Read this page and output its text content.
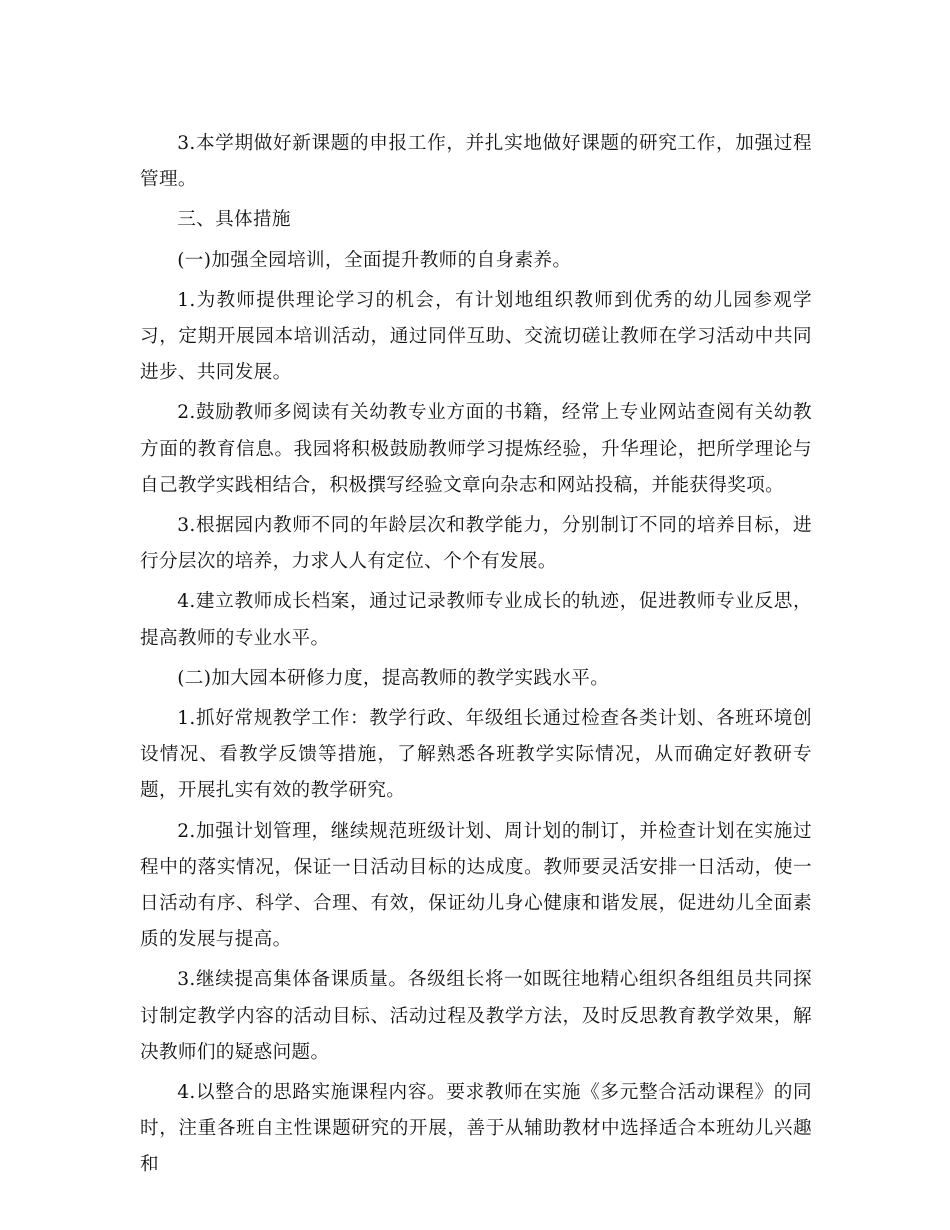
3.本学期做好新课题的申报工作，并扎实地做好课题的研究工作，加强过程管理。

三、具体措施

(一)加强全园培训，全面提升教师的自身素养。

1.为教师提供理论学习的机会，有计划地组织教师到优秀的幼儿园参观学习，定期开展园本培训活动，通过同伴互助、交流切磋让教师在学习活动中共同进步、共同发展。

2.鼓励教师多阅读有关幼教专业方面的书籍，经常上专业网站查阅有关幼教方面的教育信息。我园将积极鼓励教师学习提炼经验，升华理论，把所学理论与自己教学实践相结合，积极撰写经验文章向杂志和网站投稿，并能获得奖项。

3.根据园内教师不同的年龄层次和教学能力，分别制订不同的培养目标，进行分层次的培养，力求人人有定位、个个有发展。

4.建立教师成长档案，通过记录教师专业成长的轨迹，促进教师专业反思，提高教师的专业水平。

(二)加大园本研修力度，提高教师的教学实践水平。

1.抓好常规教学工作：教学行政、年级组长通过检查各类计划、各班环境创设情况、看教学反馈等措施，了解熟悉各班教学实际情况，从而确定好教研专题，开展扎实有效的教学研究。

2.加强计划管理，继续规范班级计划、周计划的制订，并检查计划在实施过程中的落实情况，保证一日活动目标的达成度。教师要灵活安排一日活动，使一日活动有序、科学、合理、有效，保证幼儿身心健康和谐发展，促进幼儿全面素质的发展与提高。

3.继续提高集体备课质量。各级组长将一如既往地精心组织各组组员共同探讨制定教学内容的活动目标、活动过程及教学方法，及时反思教育教学效果，解决教师们的疑惑问题。

4.以整合的思路实施课程内容。要求教师在实施《多元整合活动课程》的同时，注重各班自主性课题研究的开展，善于从辅助教材中选择适合本班幼儿兴趣和
